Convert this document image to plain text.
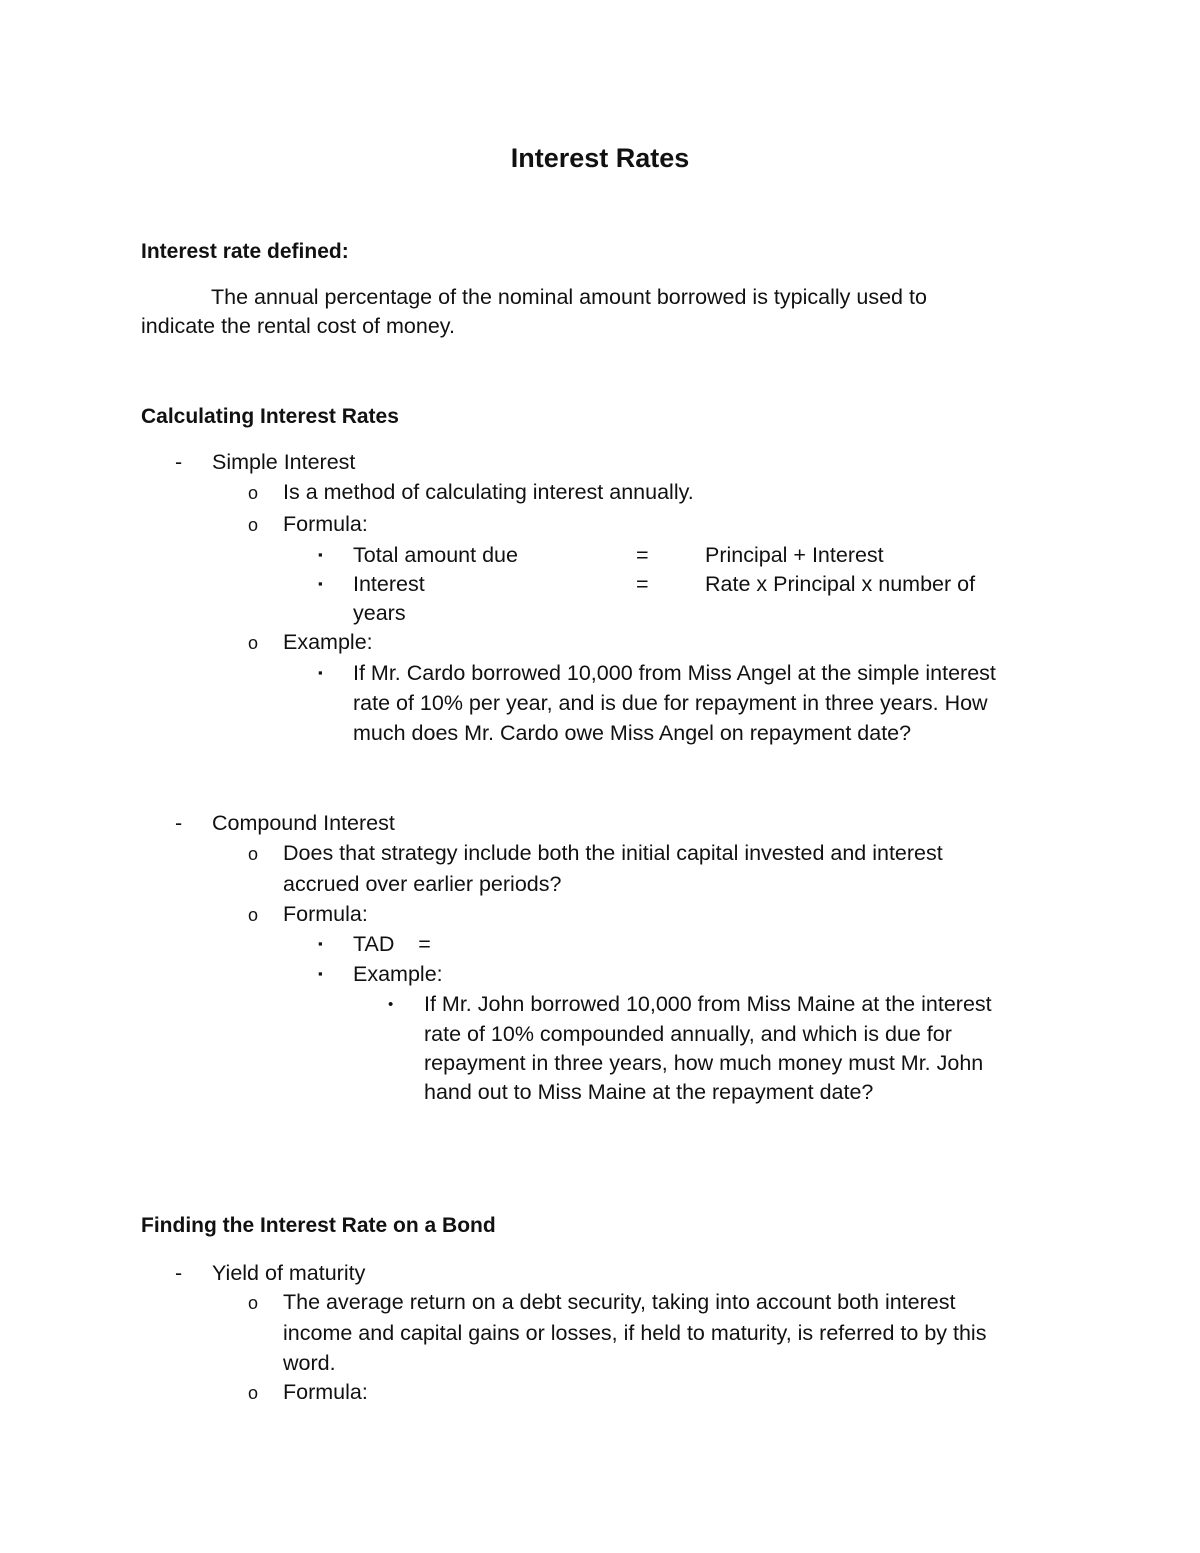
Interest Rates
Interest rate defined:
The annual percentage of the nominal amount borrowed is typically used to
indicate the rental cost of money.
Calculating Interest Rates
- Simple Interest
o Is a method of calculating interest annually.
o Formula:
▪ Total amount due	=	Principal + Interest
▪ Interest	=	Rate x Principal x number of
years
o Example:
▪ If Mr. Cardo borrowed 10,000 from Miss Angel at the simple interest
rate of 10% per year, and is due for repayment in three years. How
much does Mr. Cardo owe Miss Angel on repayment date?
- Compound Interest
o Does that strategy include both the initial capital invested and interest
accrued over earlier periods?
o Formula:
▪ TAD    =
▪ Example:
• If Mr. John borrowed 10,000 from Miss Maine at the interest
rate of 10% compounded annually, and which is due for
repayment in three years, how much money must Mr. John
hand out to Miss Maine at the repayment date?
Finding the Interest Rate on a Bond
- Yield of maturity
o The average return on a debt security, taking into account both interest
income and capital gains or losses, if held to maturity, is referred to by this
word.
o Formula:
